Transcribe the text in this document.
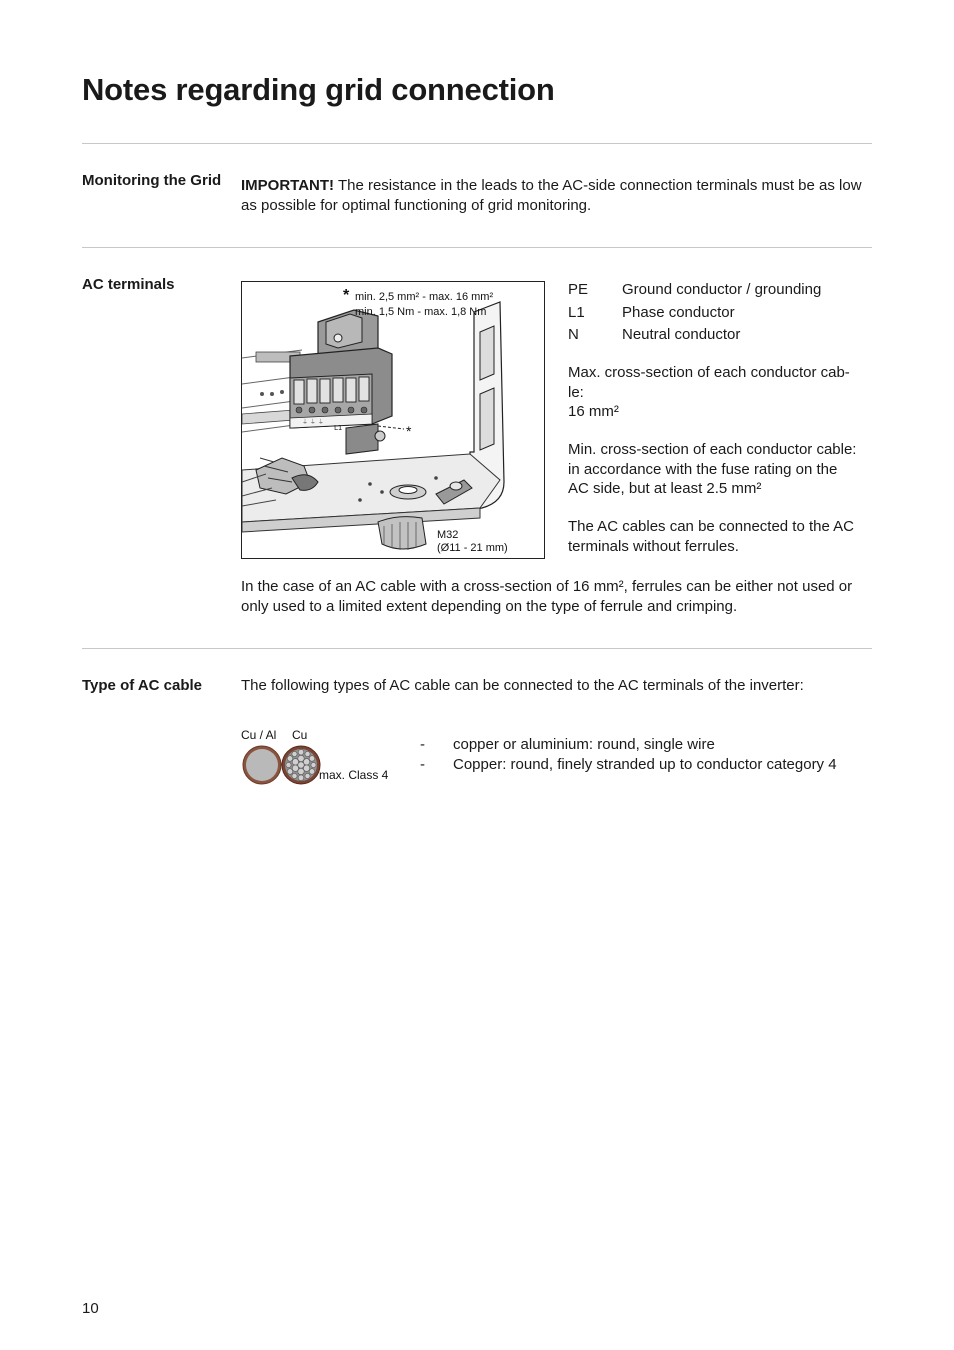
Notes regarding grid connection
Monitoring the Grid	IMPORTANT! The resistance in the leads to the AC-side connection terminals must be as low as possible for optimal functioning of grid monitoring.
AC terminals
⏚ ⏚ ⏚
L1	*
* min. 2,5 mm² - max. 16 mm²
min. 1,5 Nm - max. 1,8 Nm
M32
(Ø11 - 21 mm)
PE Ground conductor / grounding
L1 Phase conductor
N	Neutral conductor
Max. cross-section of each conductor cab-
le:
16 mm²
Min. cross-section of each conductor cable:
in accordance with the fuse rating on the
AC side, but at least 2.5 mm²
The AC cables can be connected to the AC
terminals without ferrules.
In the case of an AC cable with a cross-section of 16 mm², ferrules can be either not used or only used to a limited extent depending on the type of ferrule and crimping.
Type of AC cable	The following types of AC cable can be connected to the AC terminals of the inverter:
Cu / Al Cu
max. Class 4
-	copper or aluminium: round, single wire
-	Copper: round, finely stranded up to conductor category 4
10
